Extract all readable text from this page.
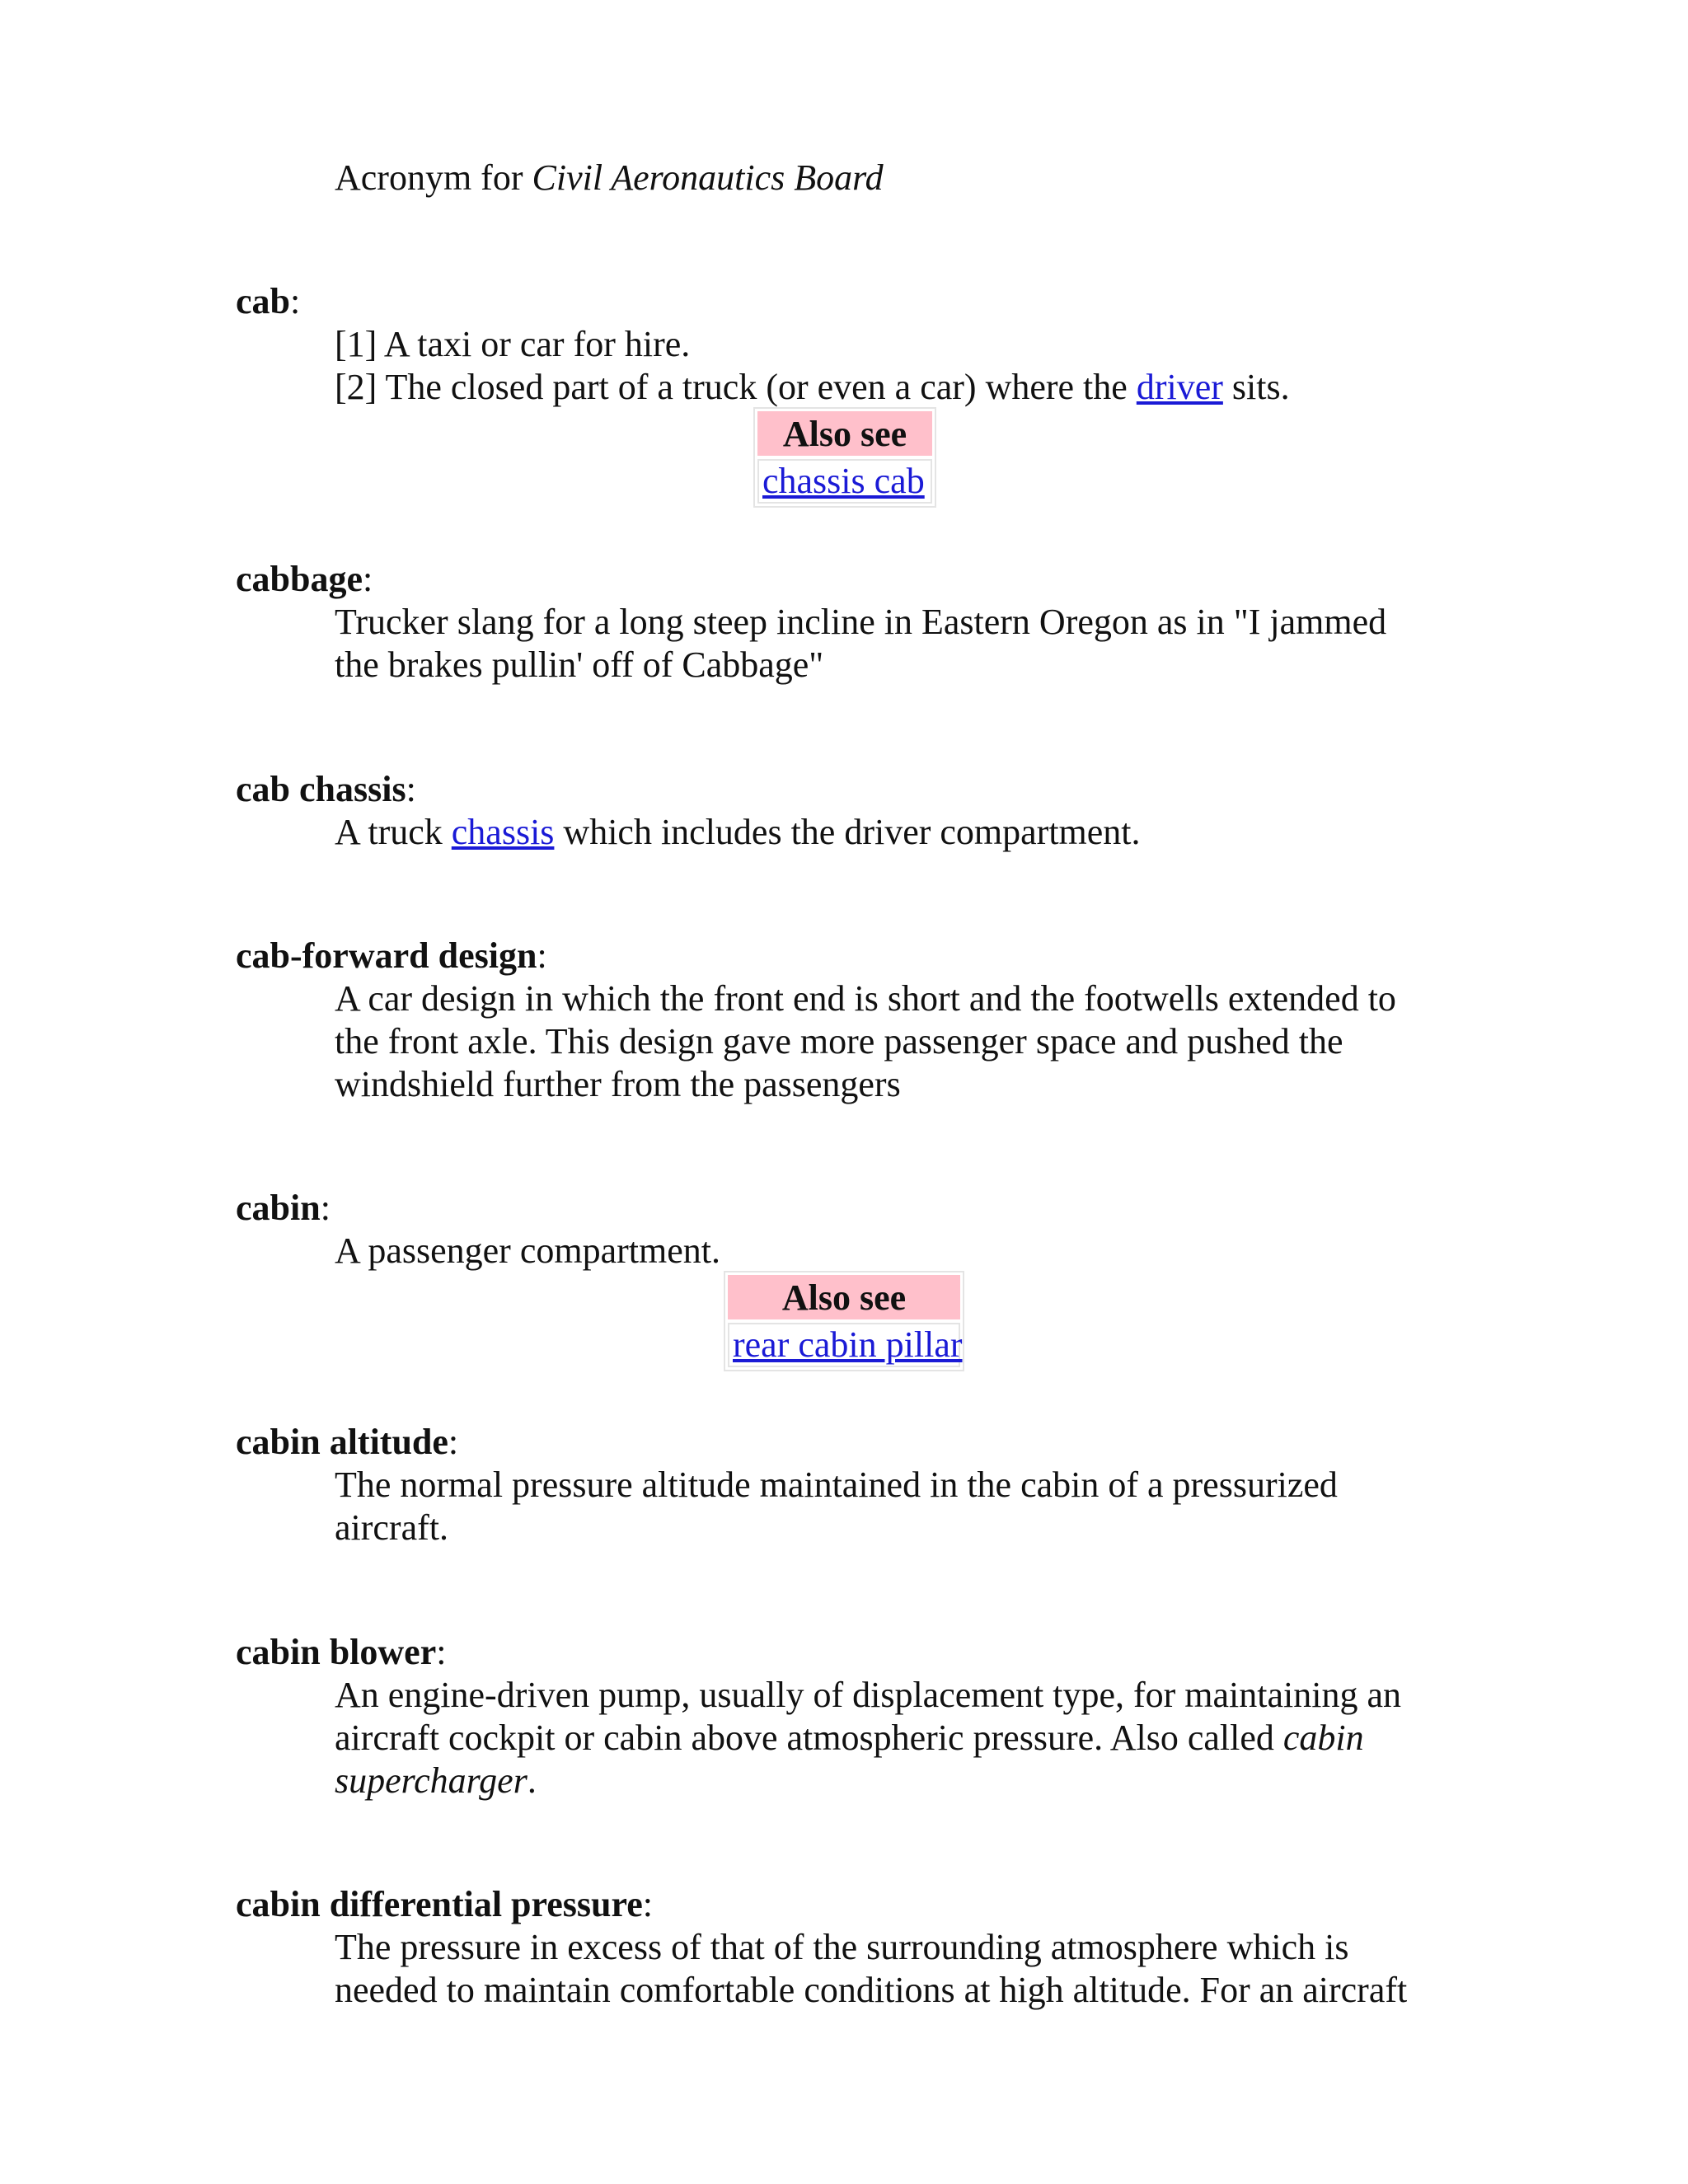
Acronym for Civil Aeronautics Board

cab:

[1] A taxi or car for hire.

[2] The closed part of a truck (or even a car) where the driver sits.

Also see
chassis cab
cabbage:

Trucker slang for a long steep incline in Eastern Oregon as in "I jammed

the brakes pullin' off of Cabbage"

cab chassis:

A truck chassis which includes the driver compartment.

cab-forward design:

A car design in which the front end is short and the footwells extended to

the front axle. This design gave more passenger space and pushed the

windshield further from the passengers

cabin:

A passenger compartment.

Also see
rear cabin pillar
cabin altitude:

The normal pressure altitude maintained in the cabin of a pressurized

aircraft.

cabin blower:

An engine-driven pump, usually of displacement type, for maintaining an

aircraft cockpit or cabin above atmospheric pressure. Also called cabin

supercharger.

cabin differential pressure:

The pressure in excess of that of the surrounding atmosphere which is

needed to maintain comfortable conditions at high altitude. For an aircraft
